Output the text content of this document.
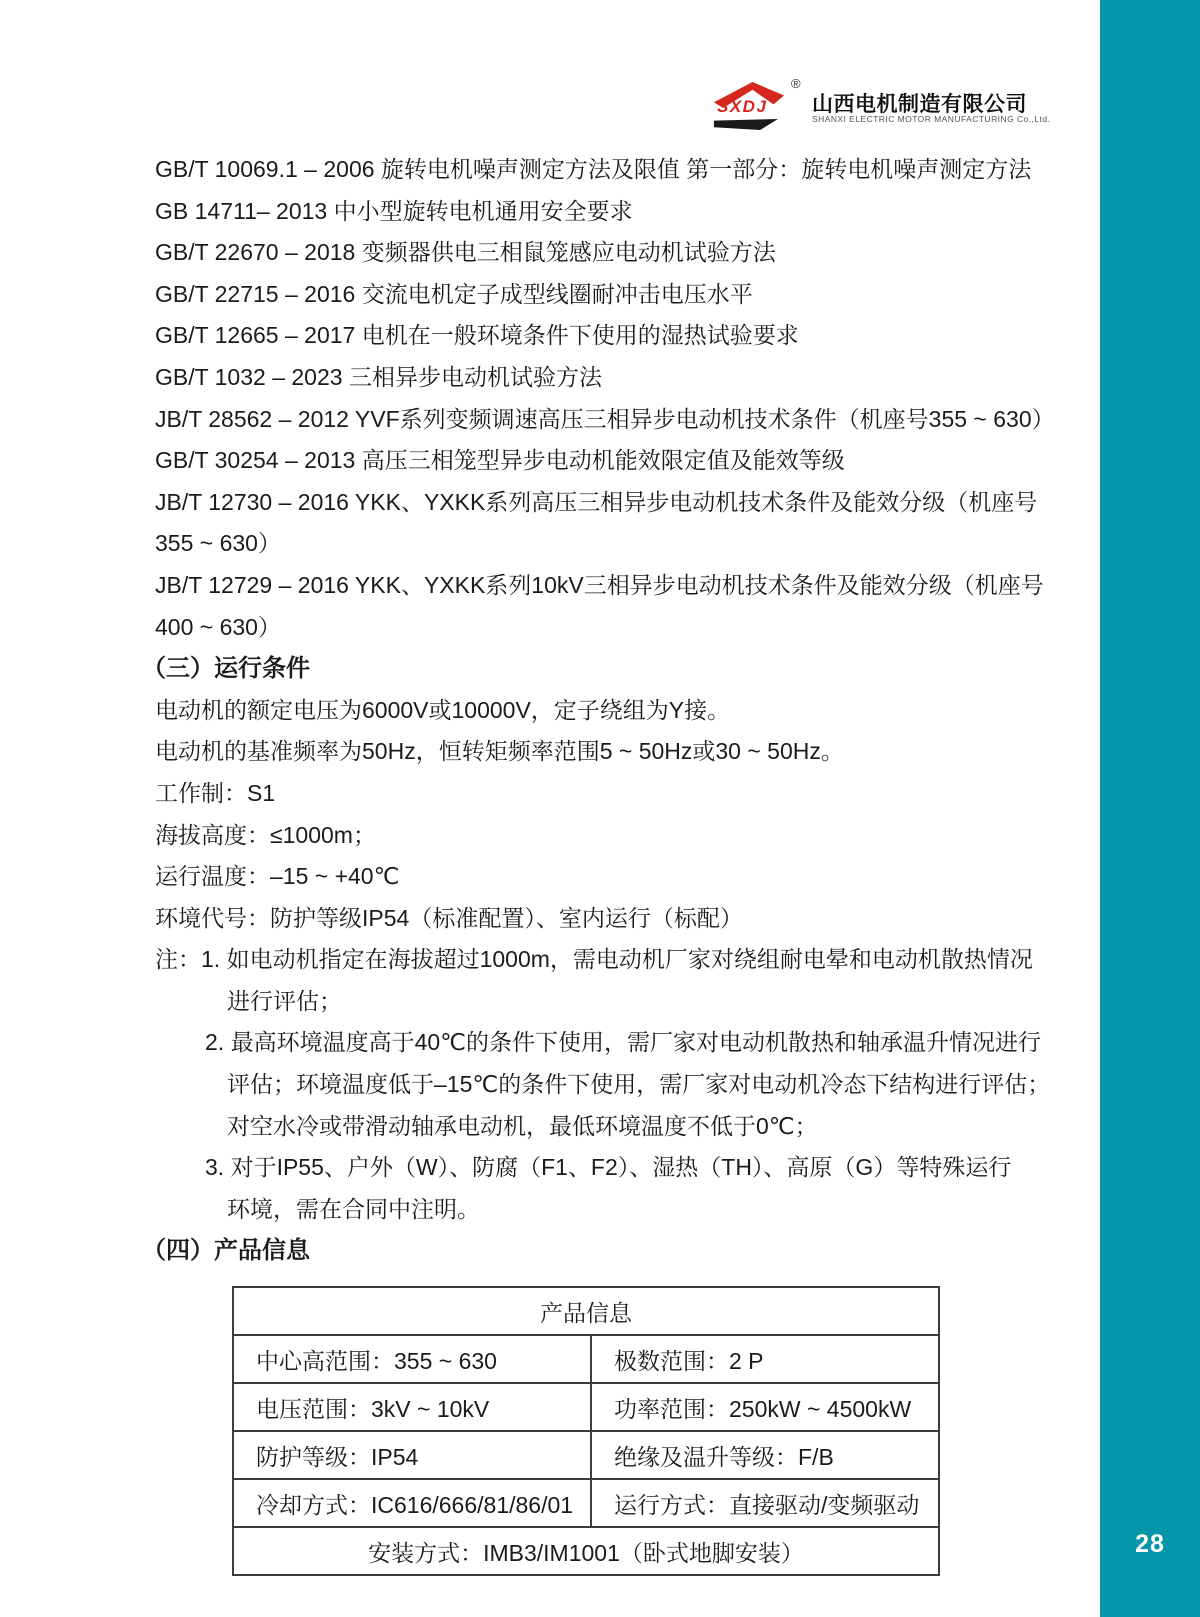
28
SXDJ
®
山西电机制造有限公司
SHANXI ELECTRIC MOTOR MANUFACTURING Co.,Ltd.
GB/T 10069.1 – 2006 旋转电机噪声测定方法及限值 第一部分：旋转电机噪声测定方法
GB 14711– 2013 中小型旋转电机通用安全要求
GB/T 22670 – 2018 变频器供电三相鼠笼感应电动机试验方法
GB/T 22715 – 2016 交流电机定子成型线圈耐冲击电压水平
GB/T 12665 – 2017 电机在一般环境条件下使用的湿热试验要求
GB/T 1032 – 2023 三相异步电动机试验方法
JB/T 28562 – 2012 YVF系列变频调速高压三相异步电动机技术条件（机座号355 ~ 630）
GB/T 30254 – 2013 高压三相笼型异步电动机能效限定值及能效等级
JB/T 12730 – 2016 YKK、YXKK系列高压三相异步电动机技术条件及能效分级（机座号
355 ~ 630）
JB/T 12729 – 2016 YKK、YXKK系列10kV三相异步电动机技术条件及能效分级（机座号
400 ~ 630）
（三）运行条件
电动机的额定电压为6000V或10000V，定子绕组为Y接。
电动机的基准频率为50Hz，恒转矩频率范围5 ~ 50Hz或30 ~ 50Hz。
工作制：S1
海拔高度：≤1000m；
运行温度：–15 ~ +40℃
环境代号：防护等级IP54（标准配置）、室内运行（标配）
注：1. 如电动机指定在海拔超过1000m，需电动机厂家对绕组耐电晕和电动机散热情况
进行评估；
2. 最高环境温度高于40℃的条件下使用，需厂家对电动机散热和轴承温升情况进行
评估；环境温度低于–15℃的条件下使用，需厂家对电动机冷态下结构进行评估；
对空水冷或带滑动轴承电动机，最低环境温度不低于0℃；
3. 对于IP55、户外（W）、防腐（F1、F2）、湿热（TH）、高原（G）等特殊运行
环境，需在合同中注明。
（四）产品信息
产品信息	
中心高范围：355 ~ 630	极数范围：2 P
电压范围：3kV ~ 10kV	功率范围：250kW ~ 4500kW
防护等级：IP54	绝缘及温升等级：F/B
冷却方式：IC616/666/81/86/01	运行方式：直接驱动/变频驱动
安装方式：IMB3/IM1001（卧式地脚安装）	
